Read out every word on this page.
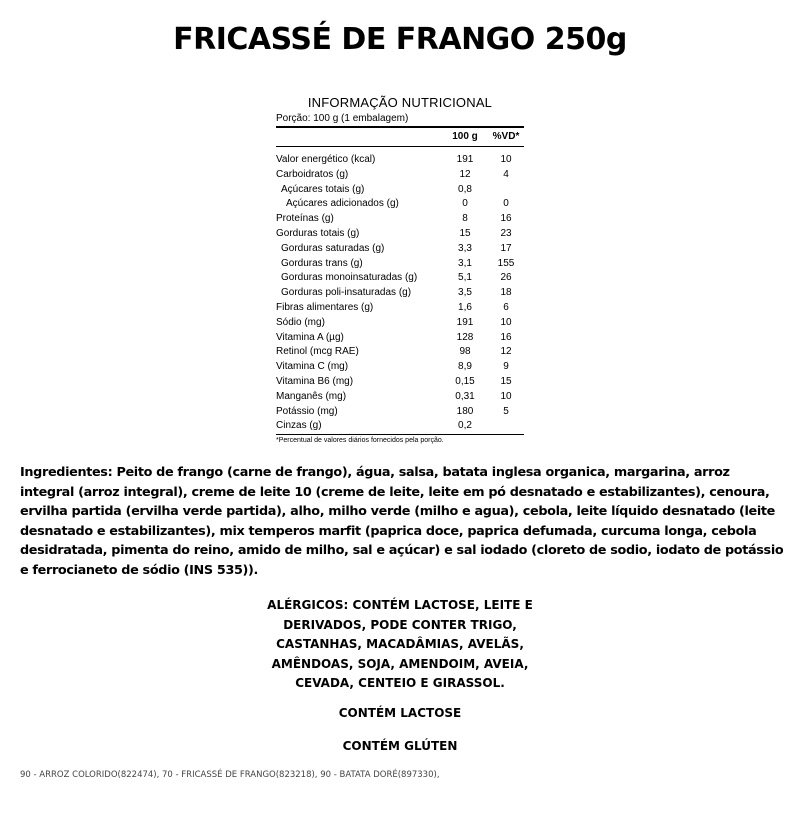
FRICASSÉ DE FRANGO 250g
INFORMAÇÃO NUTRICIONAL
Porção: 100 g (1 embalagem)
	100 g	%VD*

Valor energético (kcal)	191	10
Carboidratos (g)	12	4
Açúcares totais (g)	0,8	
Açúcares adicionados (g)	0	0
Proteínas (g)	8	16
Gorduras totais (g)	15	23
Gorduras saturadas (g)	3,3	17
Gorduras trans (g)	3,1	155
Gorduras monoinsaturadas (g)	5,1	26
Gorduras poli-insaturadas (g)	3,5	18
Fibras alimentares (g)	1,6	6
Sódio (mg)	191	10
Vitamina A (µg)	128	16
Retinol (mcg RAE)	98	12
Vitamina C (mg)	8,9	9
Vitamina B6 (mg)	0,15	15
Manganês (mg)	0,31	10
Potássio (mg)	180	5
Cinzas (g)	0,2	
*Percentual de valores diários fornecidos pela porção.
Ingredientes: Peito de frango (carne de frango), água, salsa, batata inglesa organica, margarina, arroz integral (arroz integral), creme de leite 10 (creme de leite, leite em pó desnatado e estabilizantes), cenoura, ervilha partida (ervilha verde partida), alho, milho verde (milho e agua), cebola, leite líquido desnatado (leite desnatado e estabilizantes), mix temperos marfit (paprica doce, paprica defumada, curcuma longa, cebola desidratada, pimenta do reino, amido de milho, sal e açúcar) e sal iodado (cloreto de sodio, iodato de potássio e ferrocianeto de sódio (INS 535)).
ALÉRGICOS: CONTÉM LACTOSE, LEITE E DERIVADOS, PODE CONTER TRIGO, CASTANHAS, MACADÂMIAS, AVELÃS, AMÊNDOAS, SOJA, AMENDOIM, AVEIA, CEVADA, CENTEIO E GIRASSOL.
CONTÉM LACTOSE
CONTÉM GLÚTEN
90 - ARROZ COLORIDO(822474), 70 - FRICASSÉ DE FRANGO(823218), 90 - BATATA DORÉ(897330),
